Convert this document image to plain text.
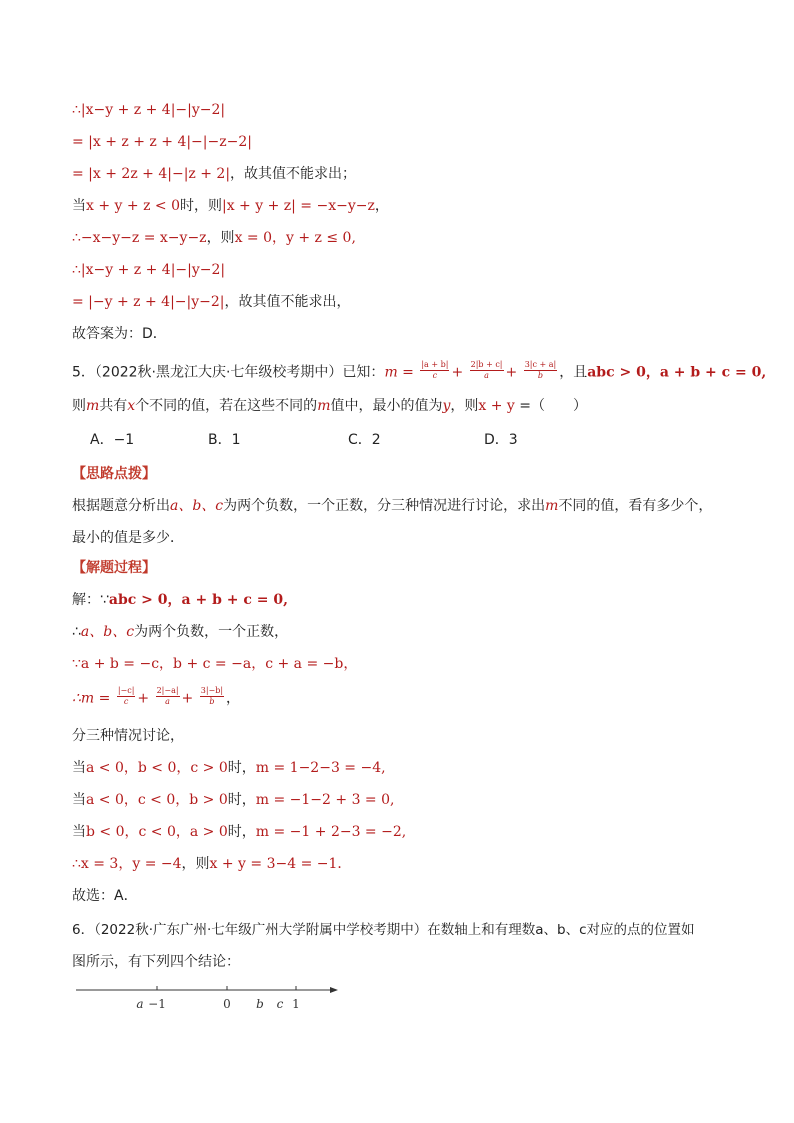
∴|x−y + z + 4|−|y−2|
= |x + z + z + 4|−|−z−2|
= |x + 2z + 4|−|z + 2|，故其值不能求出；
当x + y + z < 0时，则|x + y + z| = −x−y−z，
∴−x−y−z = x−y−z，则x = 0，y + z ≤ 0,
∴|x−y + z + 4|−|y−2|
= |−y + z + 4|−|y−2|，故其值不能求出，
故答案为：D．
5．（2022秋·黑龙江大庆·七年级校考期中）已知：$m = \frac{|a + b|}{c} + \frac{2|b + c|}{a} + \frac{3|c + a|}{b}$ ，且abc > 0，a + b + c = 0,
则m共有x个不同的值，若在这些不同的m值中，最小的值为y，则x + y =（　　）
A．−1	B．1	C．2	D．3
【思路点拨】
根据题意分析出a、b、c为两个负数，一个正数，分三种情况进行讨论，求出m不同的值，看有多少个，
最小的值是多少．
【解题过程】
解：∵abc > 0，a + b + c = 0,
∴a、b、c为两个负数，一个正数，
∵a + b = −c，b + c = −a，c + a = −b，
∴m = $\frac{|-c|}{c} + \frac{2|-a|}{a} + \frac{3|-b|}{b}$ ，
分三种情况讨论，
当a < 0，b < 0，c > 0时，m = 1−2−3 = −4,
当a < 0，c < 0，b > 0时，m = −1−2 + 3 = 0,
当b < 0，c < 0，a > 0时，m = −1 + 2−3 = −2,
∴x = 3，y = −4，则x + y = 3−4 = −1．
故选：A．
6．（2022秋·广东广州·七年级广州大学附属中学校考期中）在数轴上和有理数a、b、c对应的点的位置如
图所示，有下列四个结论：
a −1	0 b c 1
